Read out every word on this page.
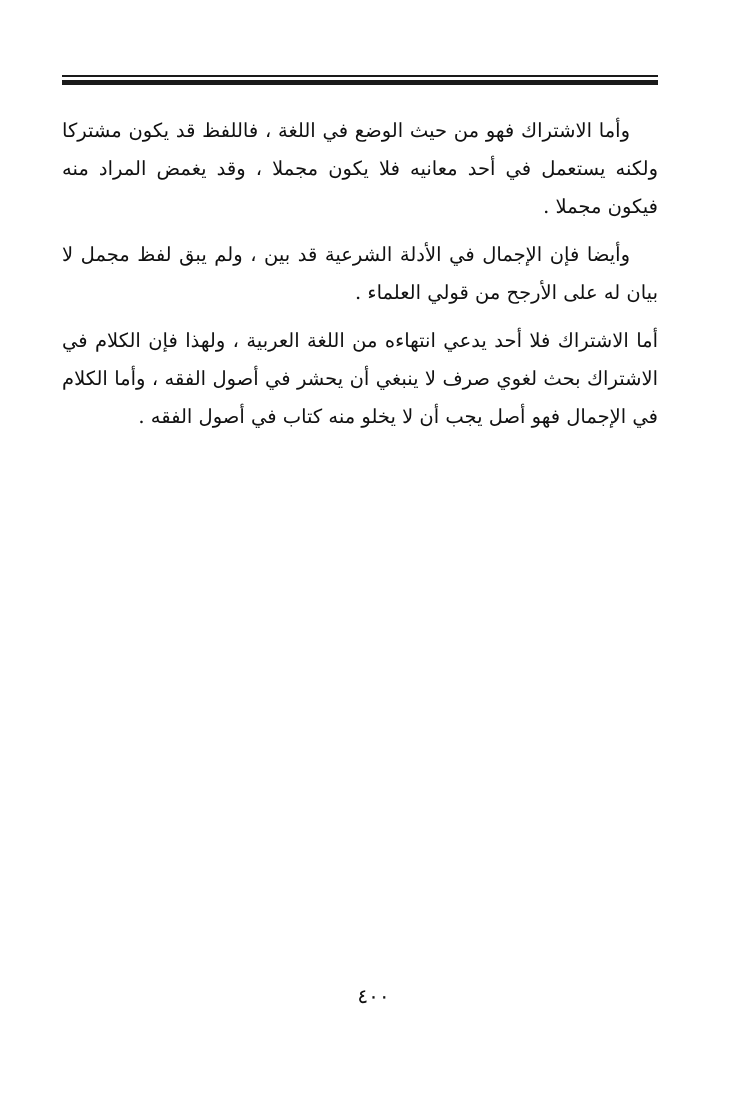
وأما الاشتراك فهو من حيث الوضع في اللغة ، فاللفظ قد يكون مشتركا ولكنه يستعمل في أحد معانيه فلا يكون مجملا ، وقد يغمض المراد منه فيكون مجملا .

وأيضا فإن الإجمال في الأدلة الشرعية قد بين ، ولم يبق لفظ مجمل لا بيان له على الأرجح من قولي العلماء .

أما الاشتراك فلا أحد يدعي انتهاءه من اللغة العربية ، ولهذا فإن الكلام في الاشتراك بحث لغوي صرف لا ينبغي أن يحشر في أصول الفقه ، وأما الكلام في الإجمال فهو أصل يجب أن لا يخلو منه كتاب في أصول الفقه .

٤٠٠
